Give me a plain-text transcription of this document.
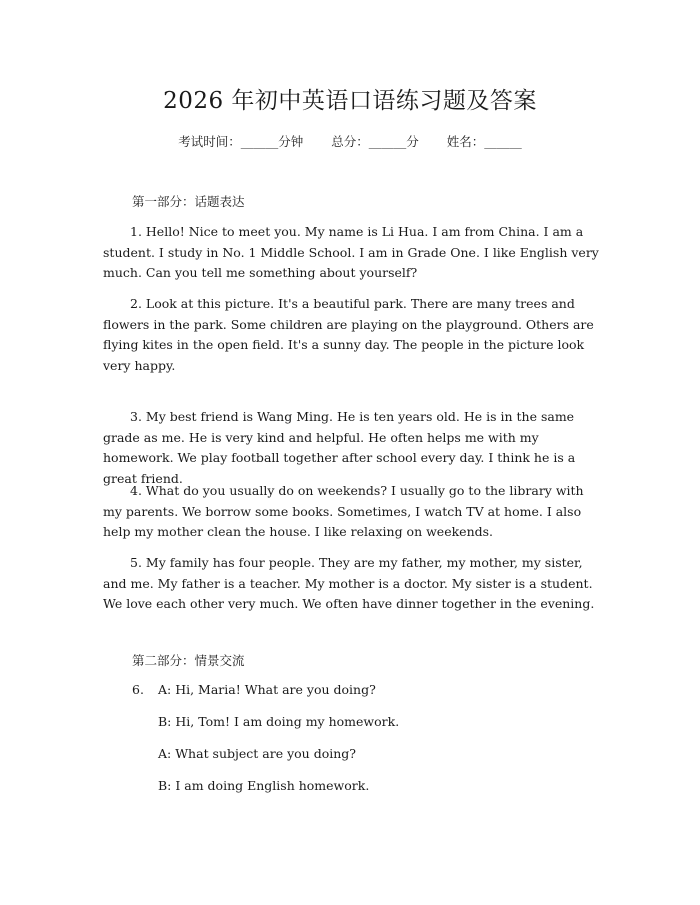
2026 年初中英语口语练习题及答案
考试时间：______分钟 总分：______分 姓名：______
第一部分：话题表达
1. Hello! Nice to meet you. My name is Li Hua. I am from China. I am a student. I study in No. 1 Middle School. I am in Grade One. I like English very much. Can you tell me something about yourself?
2. Look at this picture. It's a beautiful park. There are many trees and flowers in the park. Some children are playing on the playground. Others are flying kites in the open field. It's a sunny day. The people in the picture look very happy.
3. My best friend is Wang Ming. He is ten years old. He is in the same grade as me. He is very kind and helpful. He often helps me with my homework. We play football together after school every day. I think he is a great friend.
4. What do you usually do on weekends? I usually go to the library with my parents. We borrow some books. Sometimes, I watch TV at home. I also help my mother clean the house. I like relaxing on weekends.
5. My family has four people. They are my father, my mother, my sister, and me. My father is a teacher. My mother is a doctor. My sister is a student. We love each other very much. We often have dinner together in the evening.
第二部分：情景交流
6. A: Hi, Maria! What are you doing?
B: Hi, Tom! I am doing my homework.
A: What subject are you doing?
B: I am doing English homework.
